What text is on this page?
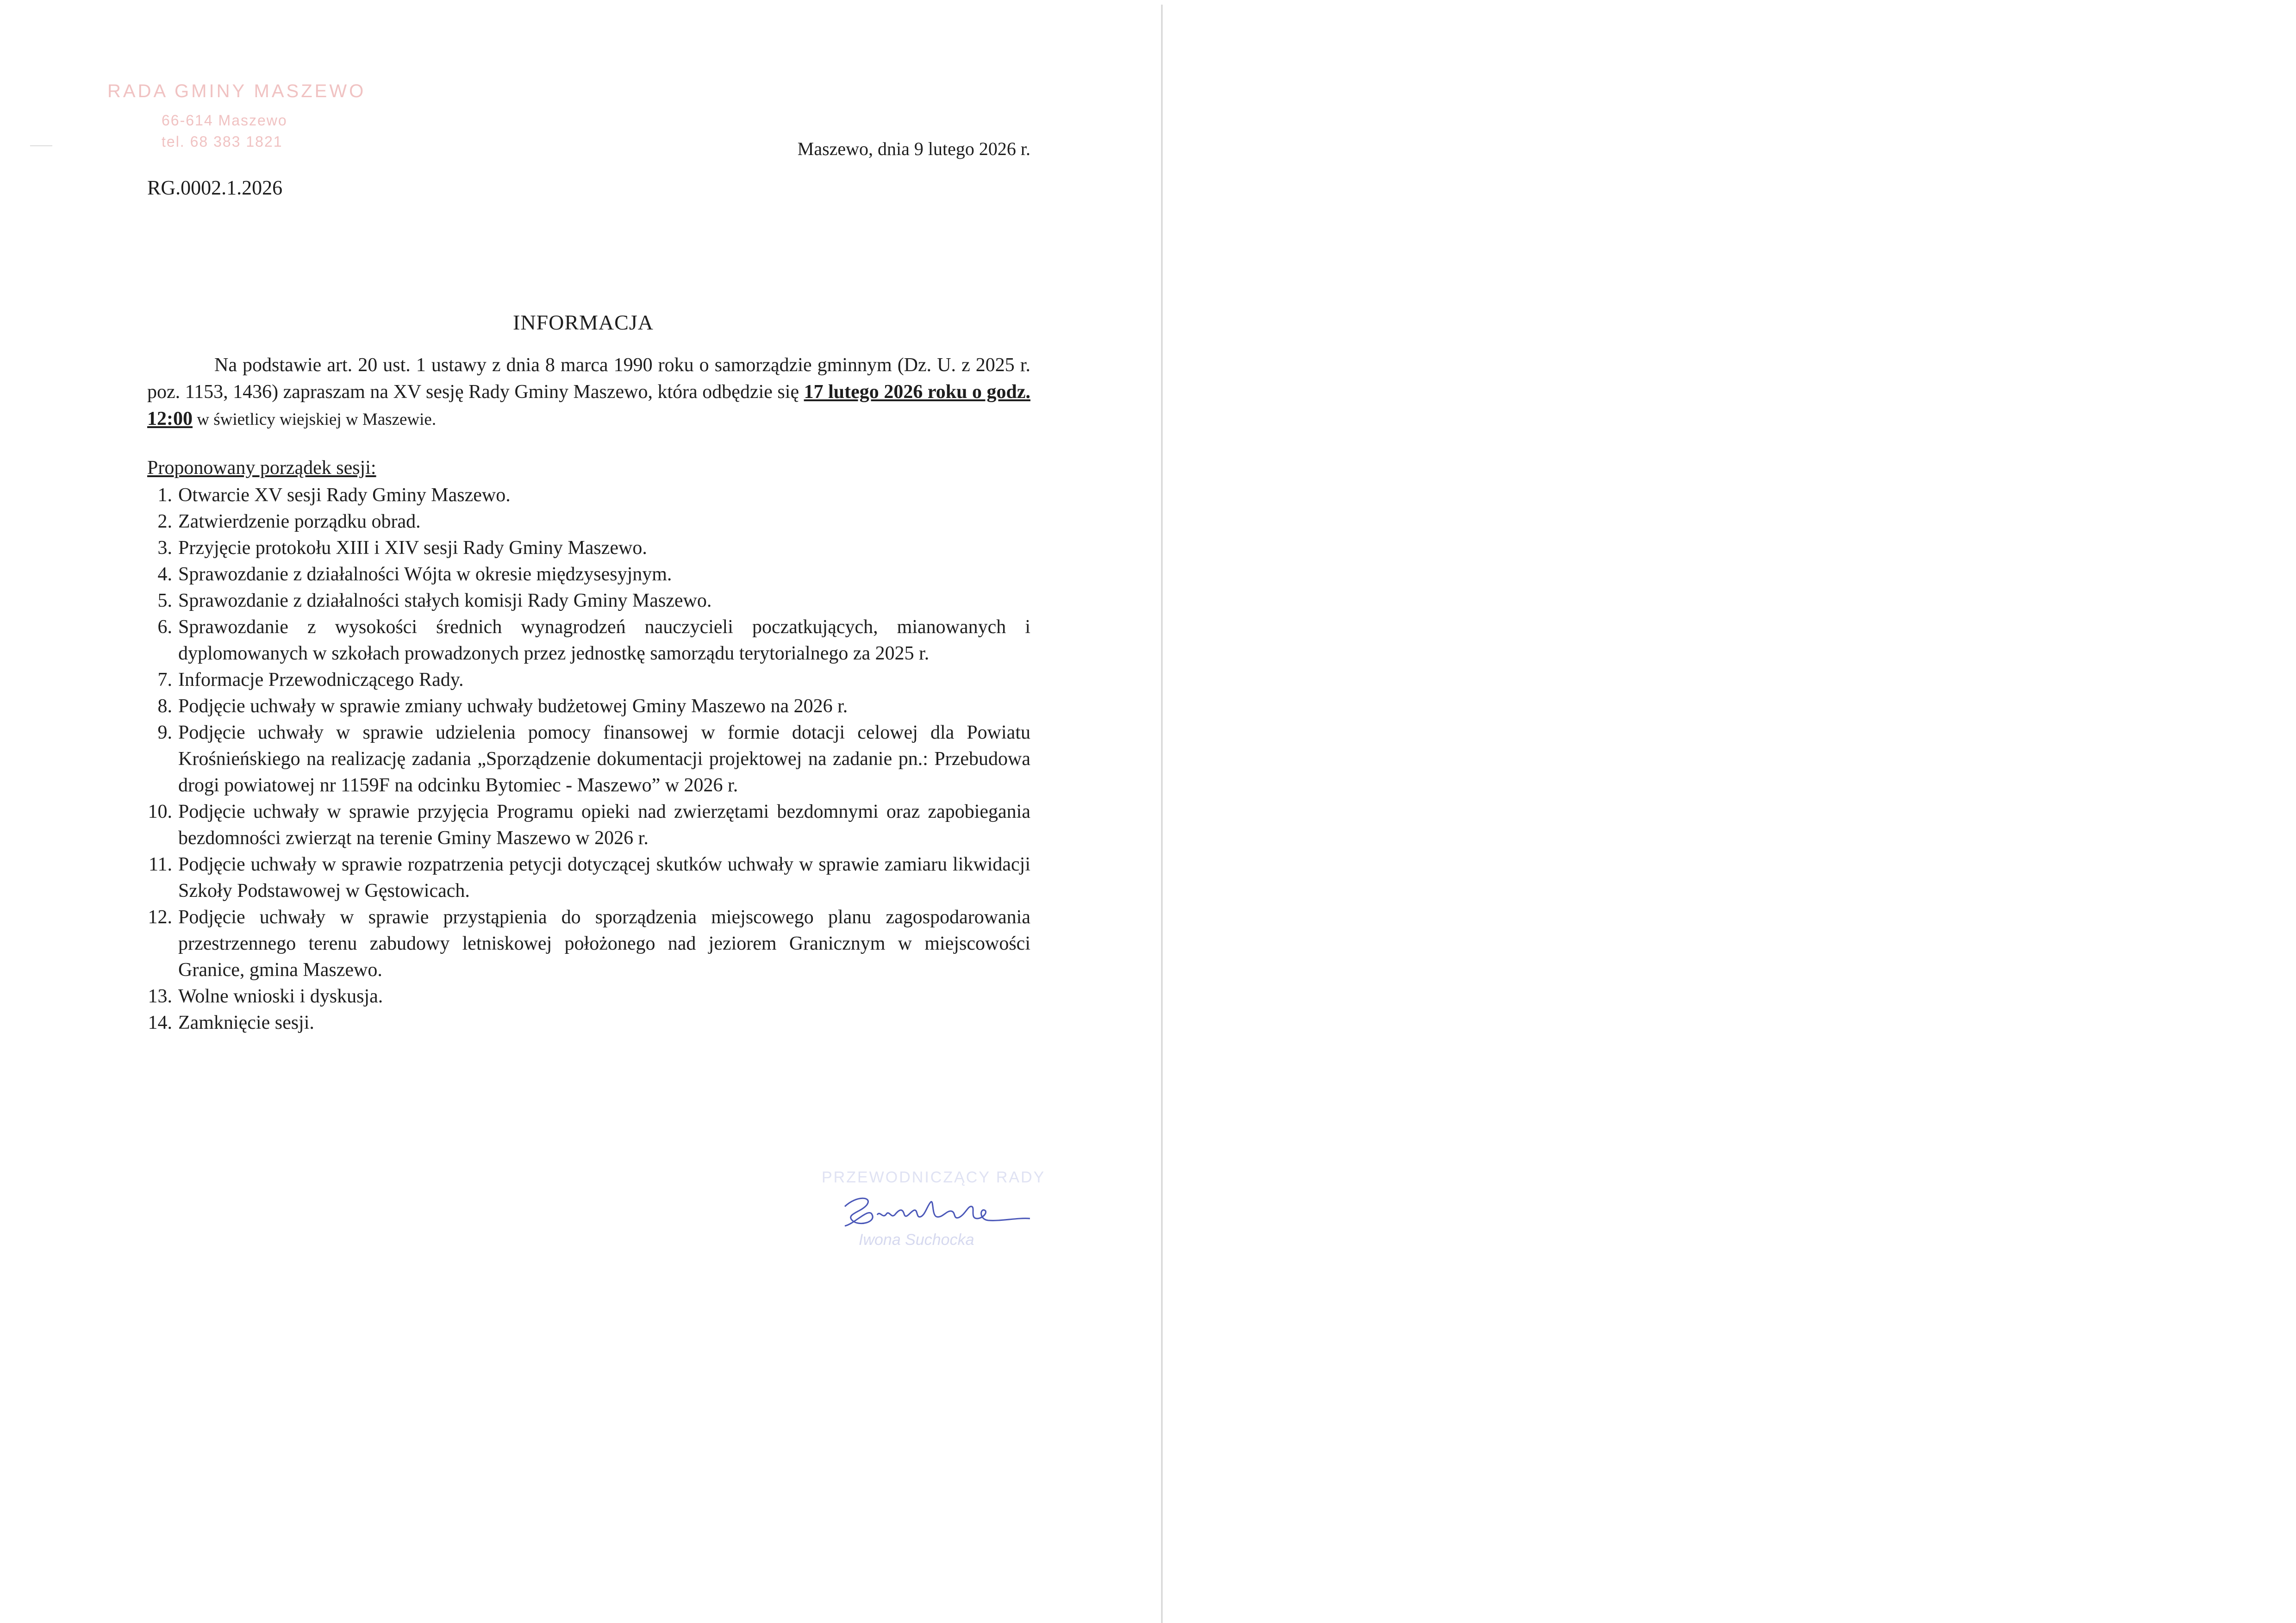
RADA GMINY MASZEWO
66-614 Maszewo
tel. 68 383 1821	Maszewo, dnia 9 lutego 2026 r.
RG.0002.1.2026
INFORMACJA
Na podstawie art. 20 ust. 1 ustawy z dnia 8 marca 1990 roku o samorządzie gminnym (Dz. U. z 2025 r. poz. 1153, 1436) zapraszam na XV sesję Rady Gminy Maszewo, która odbędzie się 17 lutego 2026 roku o godz. 12:00 w świetlicy wiejskiej w Maszewie.
Proponowany porządek sesji:
1. Otwarcie XV sesji Rady Gminy Maszewo.
2. Zatwierdzenie porządku obrad.
3. Przyjęcie protokołu XIII i XIV sesji Rady Gminy Maszewo.
4. Sprawozdanie z działalności Wójta w okresie międzysesyjnym.
5. Sprawozdanie z działalności stałych komisji Rady Gminy Maszewo.
6. Sprawozdanie z wysokości średnich wynagrodzeń nauczycieli poczatkujących, mianowanych i dyplomowanych w szkołach prowadzonych przez jednostkę samorządu terytorialnego za 2025 r.
7. Informacje Przewodniczącego Rady.
8. Podjęcie uchwały w sprawie zmiany uchwały budżetowej Gminy Maszewo na 2026 r.
9. Podjęcie uchwały w sprawie udzielenia pomocy finansowej w formie dotacji celowej dla Powiatu Krośnieńskiego na realizację zadania „Sporządzenie dokumentacji projektowej na zadanie pn.: Przebudowa drogi powiatowej nr 1159F na odcinku Bytomiec - Maszewo” w 2026 r.
10. Podjęcie uchwały w sprawie przyjęcia Programu opieki nad zwierzętami bezdomnymi oraz zapobiegania bezdomności zwierząt na terenie Gminy Maszewo w 2026 r.
11. Podjęcie uchwały w sprawie rozpatrzenia petycji dotyczącej skutków uchwały w sprawie zamiaru likwidacji Szkoły Podstawowej w Gęstowicach.
12. Podjęcie uchwały w sprawie przystąpienia do sporządzenia miejscowego planu zagospodarowania przestrzennego terenu zabudowy letniskowej położonego nad jeziorem Granicznym w miejscowości Granice, gmina Maszewo.
13. Wolne wnioski i dyskusja.
14. Zamknięcie sesji.
PRZEWODNICZĄCY RADY
Iwona Suchocka
